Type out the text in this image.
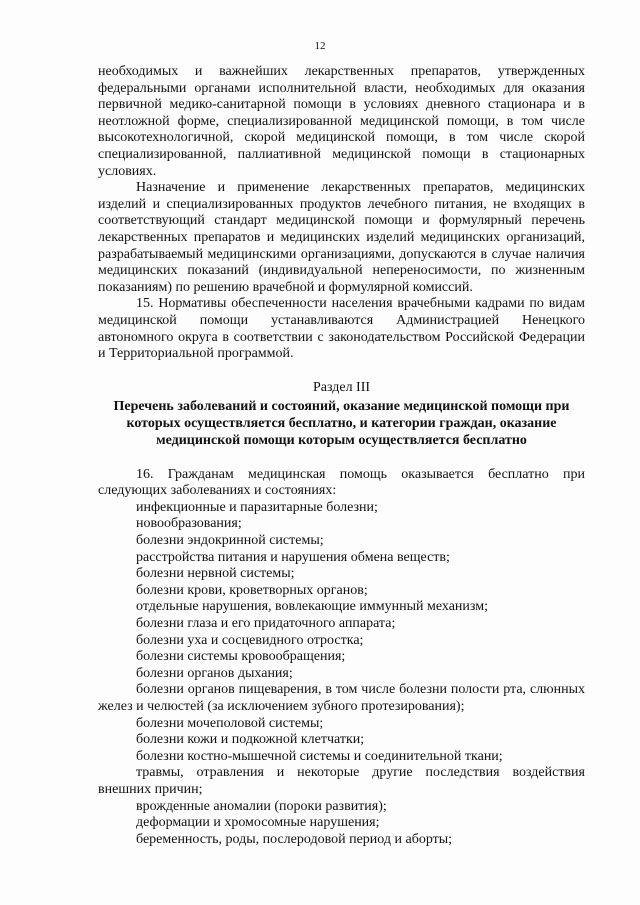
12

необходимых и важнейших лекарственных препаратов, утвержденных федеральными органами исполнительной власти, необходимых для оказания первичной медико-санитарной помощи в условиях дневного стационара и в неотложной форме, специализированной медицинской помощи, в том числе высокотехнологичной, скорой медицинской помощи, в том числе скорой специализированной, паллиативной медицинской помощи в стационарных условиях.

Назначение и применение лекарственных препаратов, медицинских изделий и специализированных продуктов лечебного питания, не входящих в соответствующий стандарт медицинской помощи и формулярный перечень лекарственных препаратов и медицинских изделий медицинских организаций, разрабатываемый медицинскими организациями, допускаются в случае наличия медицинских показаний (индивидуальной непереносимости, по жизненным показаниям) по решению врачебной и формулярной комиссий.

15. Нормативы обеспеченности населения врачебными кадрами по видам медицинской помощи устанавливаются Администрацией Ненецкого автономного округа в соответствии с законодательством Российской Федерации и Территориальной программой.

Раздел III
Перечень заболеваний и состояний, оказание медицинской помощи при которых осуществляется бесплатно, и категории граждан, оказание медицинской помощи которым осуществляется бесплатно

16. Гражданам медицинская помощь оказывается бесплатно при следующих заболеваниях и состояниях:

инфекционные и паразитарные болезни;
новообразования;
болезни эндокринной системы;
расстройства питания и нарушения обмена веществ;
болезни нервной системы;
болезни крови, кроветворных органов;
отдельные нарушения, вовлекающие иммунный механизм;
болезни глаза и его придаточного аппарата;
болезни уха и сосцевидного отростка;
болезни системы кровообращения;
болезни органов дыхания;
болезни органов пищеварения, в том числе болезни полости рта, слюнных желез и челюстей (за исключением зубного протезирования);
болезни мочеполовой системы;
болезни кожи и подкожной клетчатки;
болезни костно-мышечной системы и соединительной ткани;
травмы, отравления и некоторые другие последствия воздействия внешних причин;
врожденные аномалии (пороки развития);
деформации и хромосомные нарушения;
беременность, роды, послеродовой период и аборты;
